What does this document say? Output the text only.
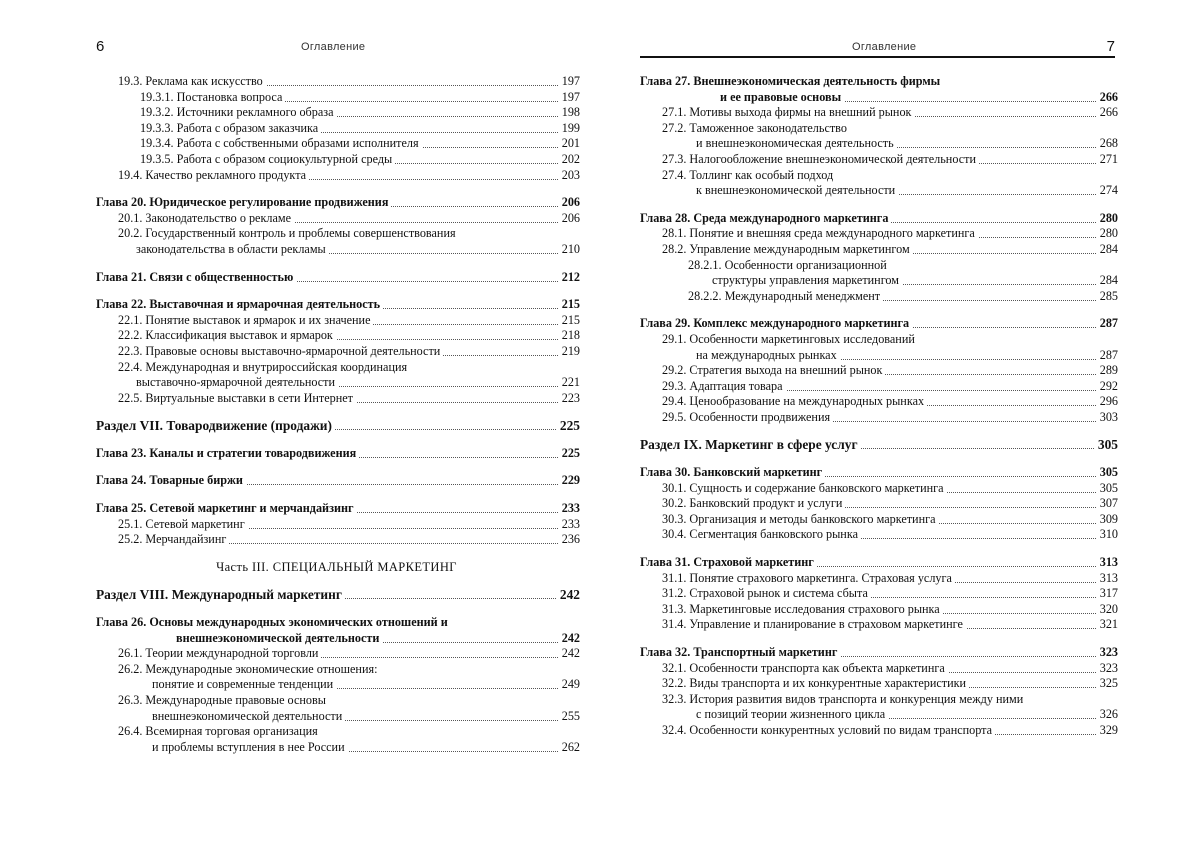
6	Оглавление
19.3. Реклама как искусство	197
19.3.1. Постановка вопроса	197
19.3.2. Источники рекламного образа	198
19.3.3. Работа с образом заказчика	199
19.3.4. Работа с собственными образами исполнителя	201
19.3.5. Работа с образом социокультурной среды	202
19.4. Качество рекламного продукта	203
Глава 20. Юридическое регулирование продвижения	206
20.1. Законодательство о рекламе	206
20.2. Государственный контроль и проблемы совершенствования
законодательства в области рекламы	210
Глава 21. Связи с общественностью	212
Глава 22. Выставочная и ярмарочная деятельность	215
22.1. Понятие выставок и ярмарок и их значение	215
22.2. Классификация выставок и ярмарок	218
22.3. Правовые основы выставочно-ярмарочной деятельности	219
22.4. Международная и внутрироссийская координация
выставочно-ярмарочной деятельности	221
22.5. Виртуальные выставки в сети Интернет	223
Раздел VII. Товародвижение (продажи)	225
Глава 23. Каналы и стратегии товародвижения	225
Глава 24. Товарные биржи	229
Глава 25. Сетевой маркетинг и мерчандайзинг	233
25.1. Сетевой маркетинг	233
25.2. Мерчандайзинг	236
Часть III. СПЕЦИАЛЬНЫЙ МАРКЕТИНГ
Раздел VIII. Международный маркетинг	242
Глава 26. Основы международных экономических отношений и
внешнеэкономической деятельности	242
26.1. Теории международной торговли	242
26.2. Международные экономические отношения:
понятие и современные тенденции	249
26.3. Международные правовые основы
внешнеэкономической деятельности	255
26.4. Всемирная торговая организация
и проблемы вступления в нее России	262
Оглавление	7
Глава 27. Внешнеэкономическая деятельность фирмы
и ее правовые основы	266
27.1. Мотивы выхода фирмы на внешний рынок	266
27.2. Таможенное законодательство
и внешнеэкономическая деятельность	268
27.3. Налогообложение внешнеэкономической деятельности	271
27.4. Толлинг как особый подход
к внешнеэкономической деятельности	274
Глава 28. Среда международного маркетинга	280
28.1. Понятие и внешняя среда международного маркетинга	280
28.2. Управление международным маркетингом	284
28.2.1. Особенности организационной
структуры управления маркетингом	284
28.2.2. Международный менеджмент	285
Глава 29. Комплекс международного маркетинга	287
29.1. Особенности маркетинговых исследований
на международных рынках	287
29.2. Стратегия выхода на внешний рынок	289
29.3. Адаптация товара	292
29.4. Ценообразование на международных рынках	296
29.5. Особенности продвижения	303
Раздел IX. Маркетинг в сфере услуг	305
Глава 30. Банковский маркетинг	305
30.1. Сущность и содержание банковского маркетинга	305
30.2. Банковский продукт и услуги	307
30.3. Организация и методы банковского маркетинга	309
30.4. Сегментация банковского рынка	310
Глава 31. Страховой маркетинг	313
31.1. Понятие страхового маркетинга. Страховая услуга	313
31.2. Страховой рынок и система сбыта	317
31.3. Маркетинговые исследования страхового рынка	320
31.4. Управление и планирование в страховом маркетинге	321
Глава 32. Транспортный маркетинг	323
32.1. Особенности транспорта как объекта маркетинга	323
32.2. Виды транспорта и их конкурентные характеристики	325
32.3. История развития видов транспорта и конкуренция между ними
с позиций теории жизненного цикла	326
32.4. Особенности конкурентных условий по видам транспорта	329
